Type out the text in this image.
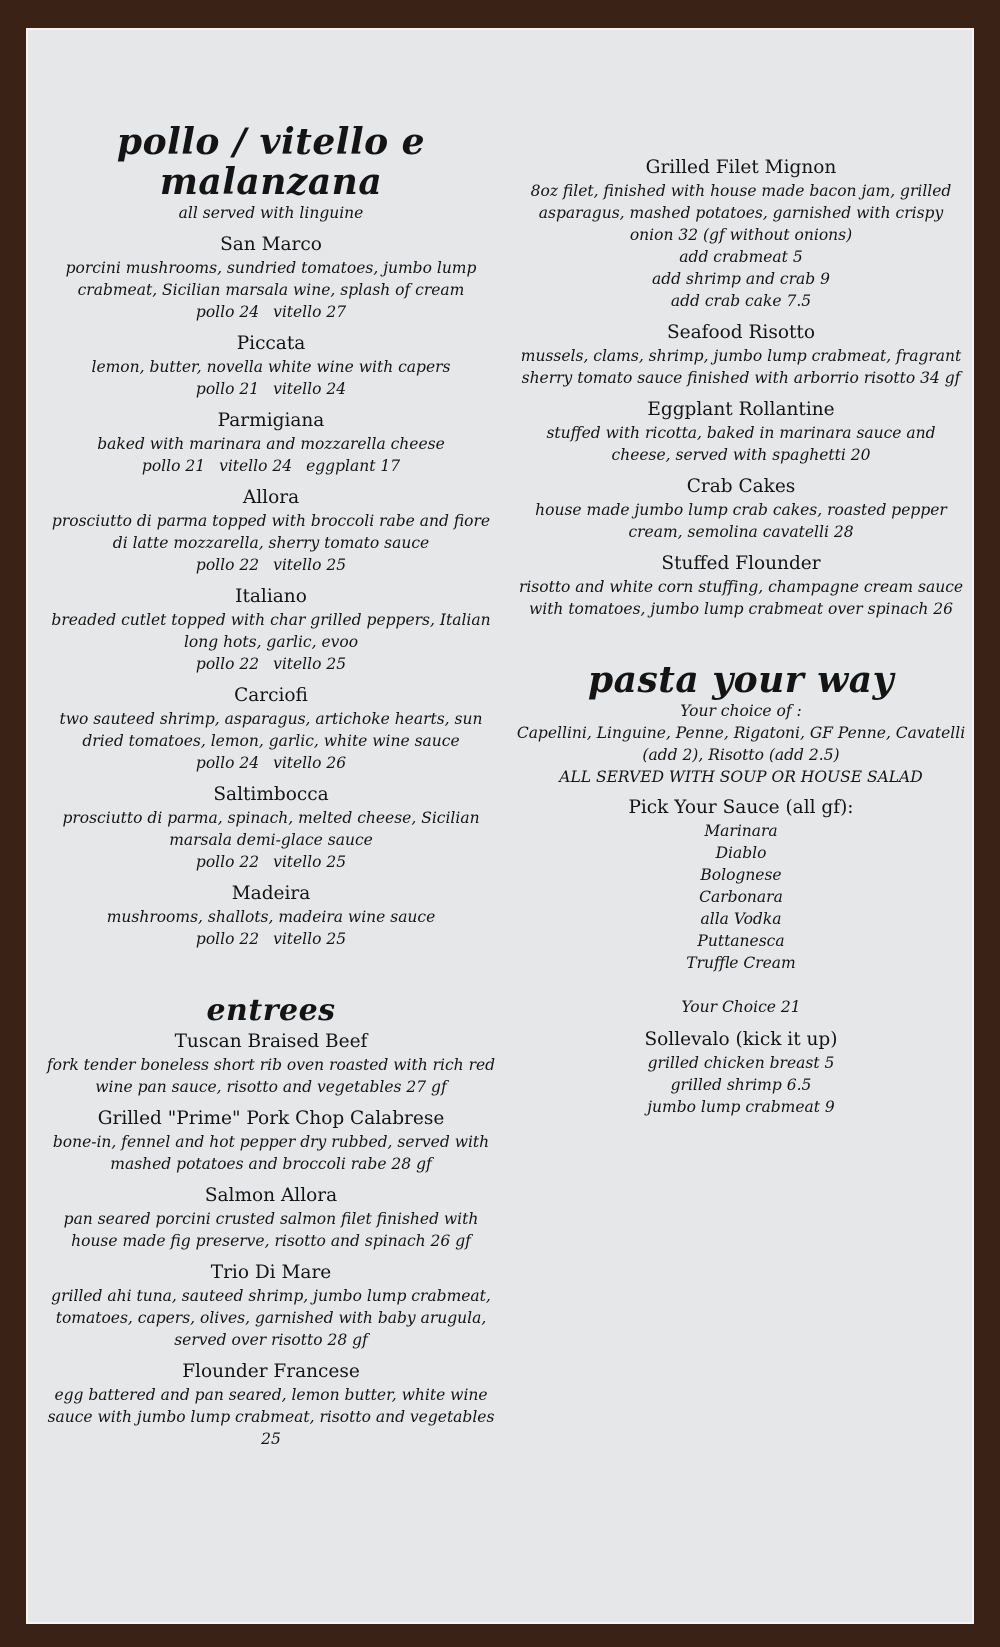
pollo / vitello e malanzana
all served with linguine
San Marco
porcini mushrooms, sundried tomatoes, jumbo lump crabmeat, Sicilian marsala wine, splash of cream
pollo 24 vitello 27
Piccata
lemon, butter, novella white wine with capers
pollo 21 vitello 24
Parmigiana
baked with marinara and mozzarella cheese
pollo 21 vitello 24 eggplant 17
Allora
prosciutto di parma topped with broccoli rabe and fiore di latte mozzarella, sherry tomato sauce
pollo 22 vitello 25
Italiano
breaded cutlet topped with char grilled peppers, Italian long hots, garlic, evoo
pollo 22 vitello 25
Carciofi
two sauteed shrimp, asparagus, artichoke hearts, sun dried tomatoes, lemon, garlic, white wine sauce
pollo 24 vitello 26
Saltimbocca
prosciutto di parma, spinach, melted cheese, Sicilian marsala demi-glace sauce
pollo 22 vitello 25
Madeira
mushrooms, shallots, madeira wine sauce
pollo 22 vitello 25
entrees
Tuscan Braised Beef
fork tender boneless short rib oven roasted with rich red wine pan sauce, risotto and vegetables 27 gf
Grilled "Prime" Pork Chop Calabrese
bone-in, fennel and hot pepper dry rubbed, served with mashed potatoes and broccoli rabe 28 gf
Salmon Allora
pan seared porcini crusted salmon filet finished with house made fig preserve, risotto and spinach 26 gf
Trio Di Mare
grilled ahi tuna, sauteed shrimp, jumbo lump crabmeat, tomatoes, capers, olives, garnished with baby arugula, served over risotto 28 gf
Flounder Francese
egg battered and pan seared, lemon butter, white wine sauce with jumbo lump crabmeat, risotto and vegetables 25
Grilled Filet Mignon
8oz filet, finished with house made bacon jam, grilled asparagus, mashed potatoes, garnished with crispy onion 32 (gf without onions)
add crabmeat 5
add shrimp and crab 9
add crab cake 7.5
Seafood Risotto
mussels, clams, shrimp, jumbo lump crabmeat, fragrant sherry tomato sauce finished with arborrio risotto 34 gf
Eggplant Rollantine
stuffed with ricotta, baked in marinara sauce and cheese, served with spaghetti 20
Crab Cakes
house made jumbo lump crab cakes, roasted pepper cream, semolina cavatelli 28
Stuffed Flounder
risotto and white corn stuffing, champagne cream sauce with tomatoes, jumbo lump crabmeat over spinach 26
pasta your way
Your choice of :
Capellini, Linguine, Penne, Rigatoni, GF Penne, Cavatelli (add 2), Risotto (add 2.5)
ALL SERVED WITH SOUP OR HOUSE SALAD
Pick Your Sauce (all gf):
Marinara
Diablo
Bolognese
Carbonara
alla Vodka
Puttanesca
Truffle Cream
Your Choice 21
Sollevalo (kick it up)
grilled chicken breast 5
grilled shrimp 6.5
jumbo lump crabmeat 9
